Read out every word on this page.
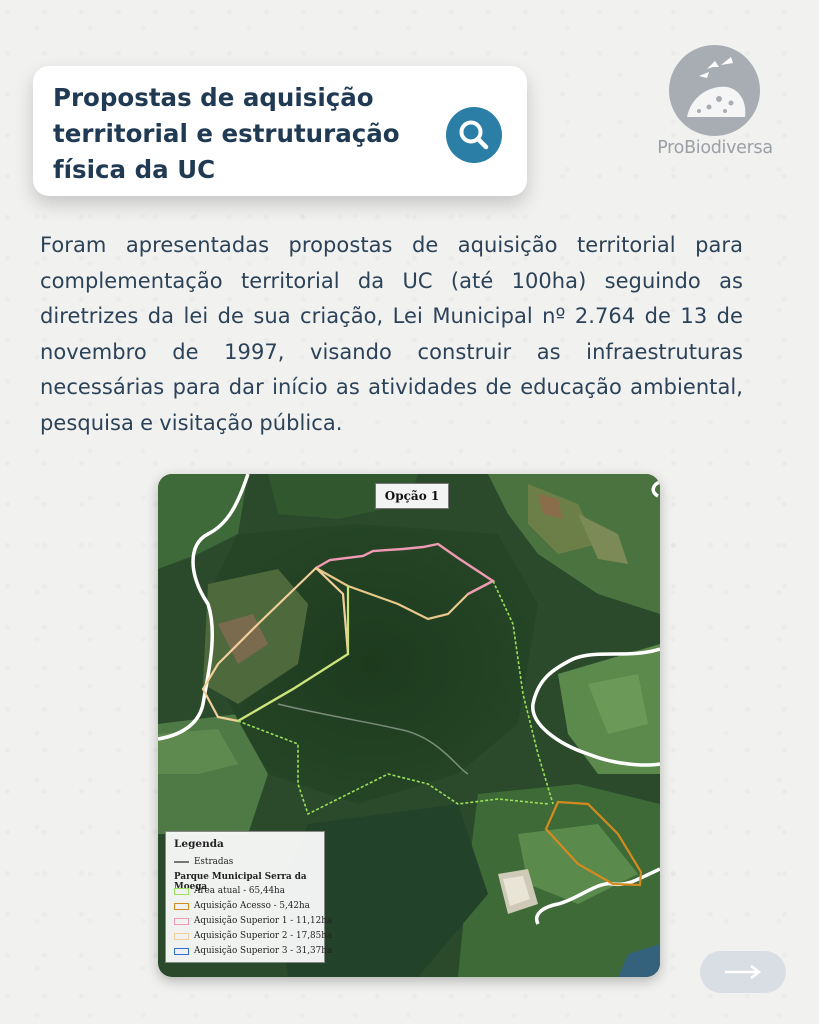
Propostas de aquisição
territorial e estruturação
física da UC
ProBiodiversa

Foram apresentadas propostas de aquisição territorial para complementação territorial da UC (até 100ha) seguindo as diretrizes da lei de sua criação, Lei Municipal nº 2.764 de 13 de novembro de 1997, visando construir as infraestruturas necessárias para dar início as atividades de educação ambiental, pesquisa e visitação pública.

Opção 1
Legenda
Estradas
Parque Municipal Serra da Moega
Área atual - 65,44ha
Aquisição Acesso - 5,42ha
Aquisição Superior 1 - 11,12ha
Aquisição Superior 2 - 17,85ha
Aquisição Superior 3 - 31,37ha
